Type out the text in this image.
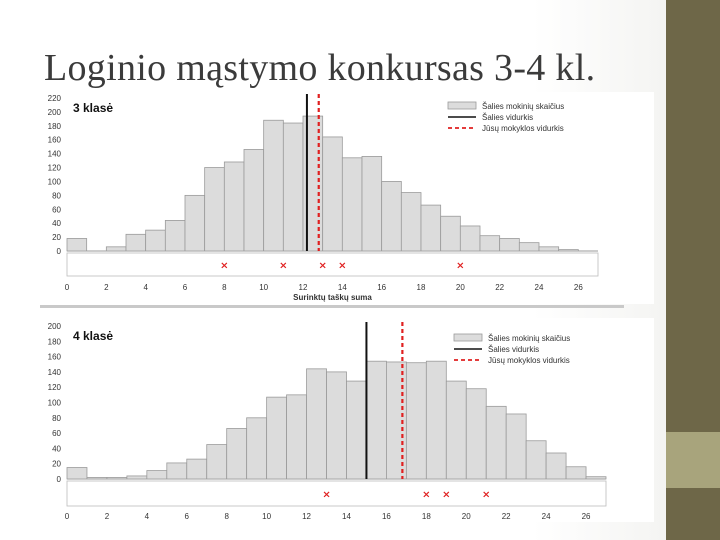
Loginio mąstymo konkursas 3-4 kl.
0
20
40
60
80
100
120
140
160
180
200
220
×	×	× ×	×
0	2	4	6	8	10	12	14	16	18	20	22	24	26
Surinktų taškų suma
3 klasė	Šalies mokinių skaičius
Šalies vidurkis
Jūsų mokyklos vidurkis
0
20
40
60
80
100
120
140
160
180
200
×	× ×	×
0	2	4	6	8	10	12	14	16	18	20	22	24	26
4 klasė	Šalies mokinių skaičius
Šalies vidurkis
Jūsų mokyklos vidurkis
